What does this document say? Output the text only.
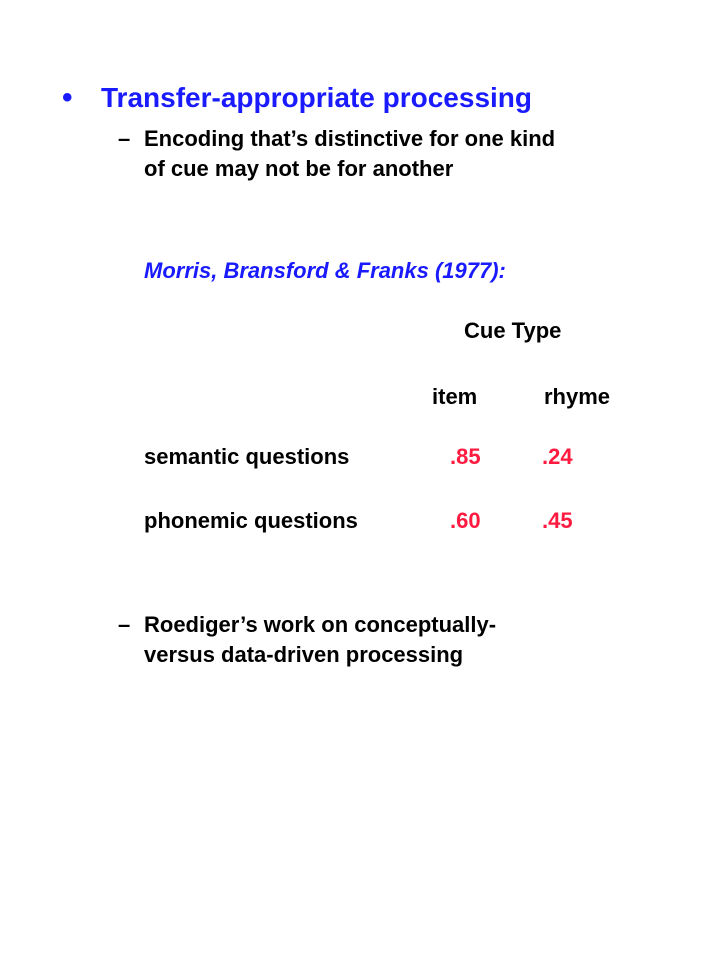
• Transfer-appropriate processing
– Encoding that’s distinctive for one kind
of cue may not be for another
Morris, Bransford & Franks (1977):
Cue Type
item	rhyme
semantic questions	.85	.24
phonemic questions	.60	.45
– Roediger’s work on conceptually-
versus data-driven processing
